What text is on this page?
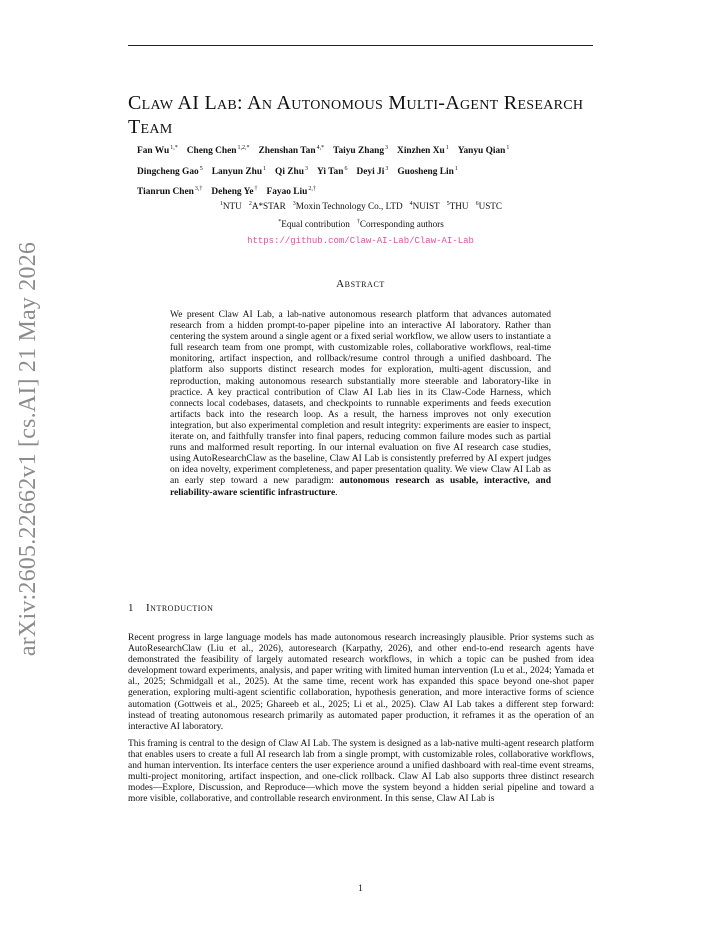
arXiv:2605.22662v1 [cs.AI] 21 May 2026
Claw AI Lab: An Autonomous Multi-Agent Research Team
Fan $Wu^{1,*}$ Cheng Chen$^{1,2,*}$ Zhenshan Tan$^{4,*}$ Taiyu Zhang$^3$ Xinzhen Xu$^1$ Yanyu Qian$^1$
Dingcheng Gao$^5$ Lanyun Zhu$^1$ Qi Zhu$^3$ Yi Tan$^6$ Deyi Ji$^3$ Guosheng Lin$^1$
Tianrun Chen$^{3,\dagger}$ Deheng Ye† Fayao Liu$^{2,\dagger}$
$^1$NTU $^2$A*STAR $^3$Moxin Technology Co., LTD $^4$NUIST $^5$THU $^6$USTC
*Equal contribution †Corresponding authors
https://github.com/Claw-AI-Lab/Claw-AI-Lab
Abstract
We present Claw AI Lab, a lab-native autonomous research platform that advances automated research from a hidden prompt-to-paper pipeline into an interactive AI laboratory. Rather than centering the system around a single agent or a fixed serial workflow, we allow users to instantiate a full research team from one prompt, with customizable roles, collaborative workflows, real-time monitoring, artifact inspection, and rollback/resume control through a unified dashboard. The platform also supports distinct research modes for exploration, multi-agent discussion, and reproduction, making autonomous research substantially more steerable and laboratory-like in practice. A key practical contribution of Claw AI Lab lies in its Claw-Code Harness, which connects local codebases, datasets, and checkpoints to runnable experiments and feeds execution artifacts back into the research loop. As a result, the harness improves not only execution integration, but also experimental completion and result integrity: experiments are easier to inspect, iterate on, and faithfully transfer into final papers, reducing common failure modes such as partial runs and malformed result reporting. In our internal evaluation on five AI research case studies, using AutoResearchClaw as the baseline, Claw AI Lab is consistently preferred by AI expert judges on idea novelty, experiment completeness, and paper presentation quality. We view Claw AI Lab as an early step toward a new paradigm: autonomous research as usable, interactive, and reliability-aware scientific infrastructure.
1 Introduction

Recent progress in large language models has made autonomous research increasingly plausible. Prior systems such as AutoResearchClaw (Liu et al., 2026), autoresearch (Karpathy, 2026), and other end-to-end research agents have demonstrated the feasibility of largely automated research workflows, in which a topic can be pushed from idea development toward experiments, analysis, and paper writing with limited human intervention (Lu et al., 2024; Yamada et al., 2025; Schmidgall et al., 2025). At the same time, recent work has expanded this space beyond one-shot paper generation, exploring multi-agent scientific collaboration, hypothesis generation, and more interactive forms of science automation (Gottweis et al., 2025; Ghareeb et al., 2025; Li et al., 2025). Claw AI Lab takes a different step forward: instead of treating autonomous research primarily as automated paper production, it reframes it as the operation of an interactive AI laboratory.

This framing is central to the design of Claw AI Lab. The system is designed as a lab-native multi-agent research platform that enables users to create a full AI research lab from a single prompt, with customizable roles, collaborative workflows, and human intervention. Its interface centers the user experience around a unified dashboard with real-time event streams, multi-project monitoring, artifact inspection, and one-click rollback. Claw AI Lab also supports three distinct research modes—Explore, Discussion, and Reproduce—which move the system beyond a hidden serial pipeline and toward a more visible, collaborative, and controllable research environment. In this sense, Claw AI Lab is

1
